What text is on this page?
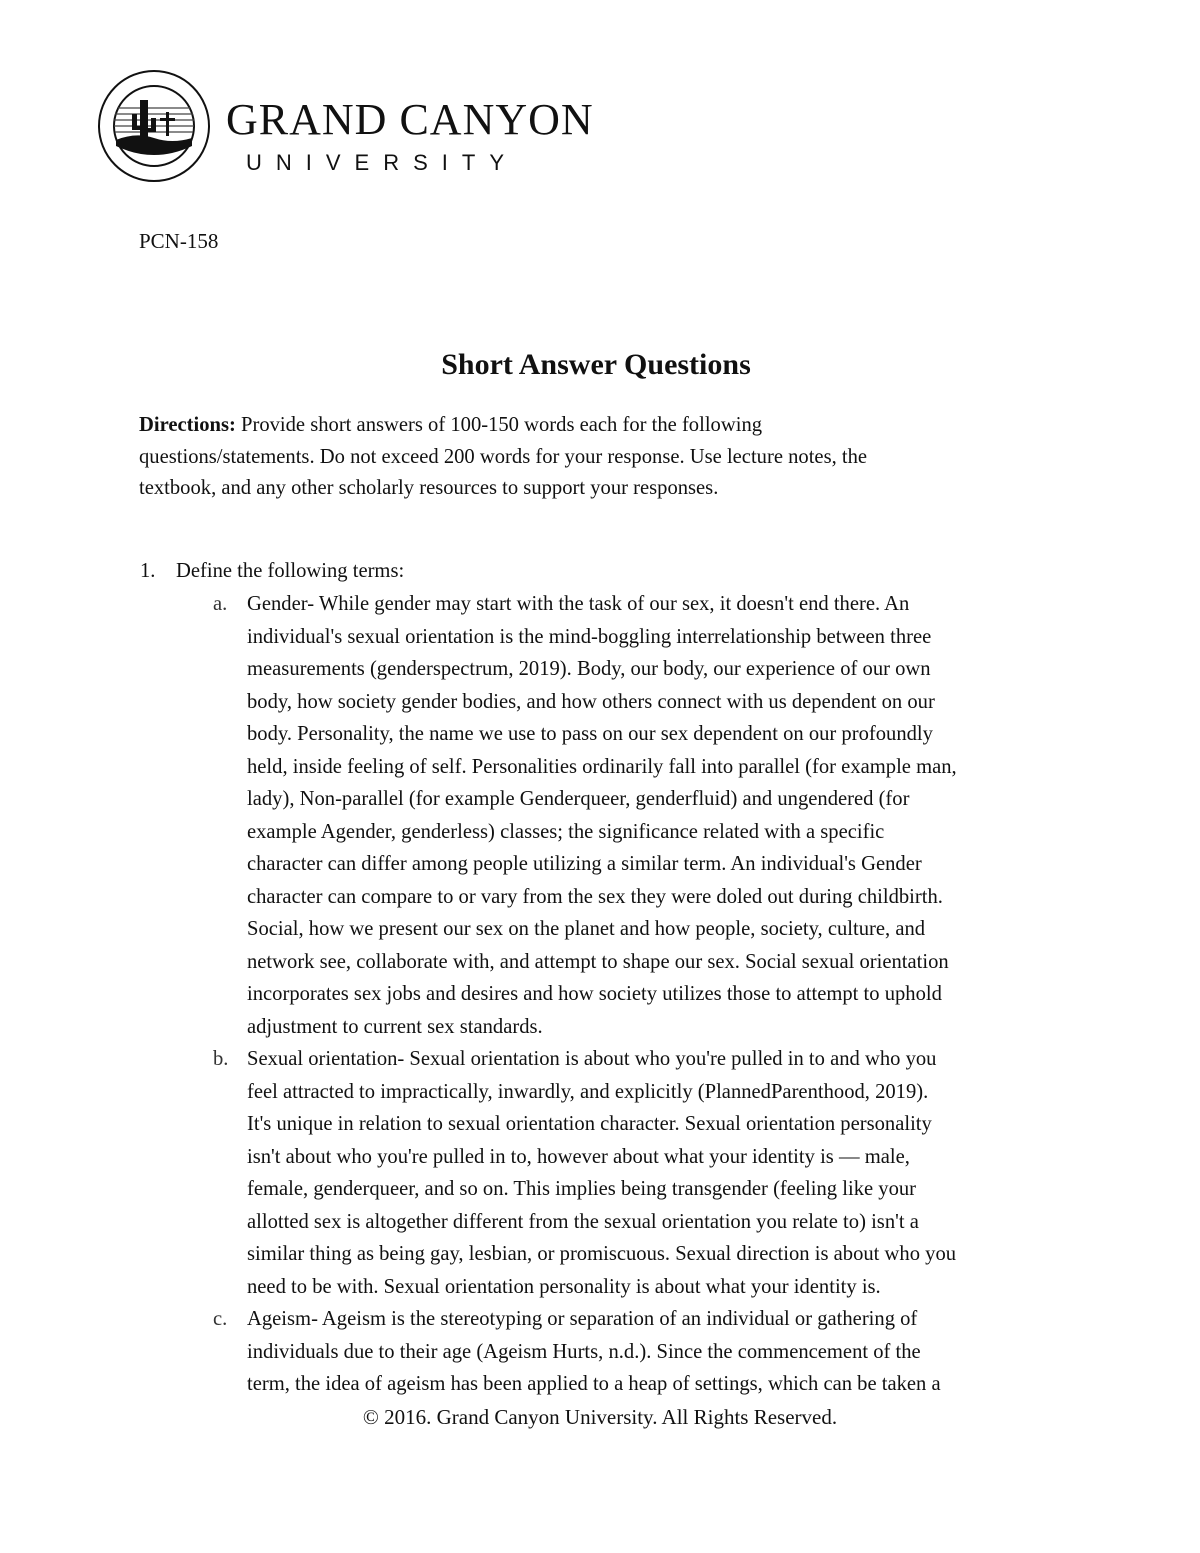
GRAND CANYON
UNIVERSITY
PCN-158
Short Answer Questions
Directions: Provide short answers of 100-150 words each for the following
questions/statements. Do not exceed 200 words for your response. Use lecture notes, the
textbook, and any other scholarly resources to support your responses.
1. Define the following terms:
a. Gender- While gender may start with the task of our sex, it doesn't end there. An
individual's sexual orientation is the mind-boggling interrelationship between three
measurements (genderspectrum, 2019). Body, our body, our experience of our own
body, how society gender bodies, and how others connect with us dependent on our
body. Personality, the name we use to pass on our sex dependent on our profoundly
held, inside feeling of self. Personalities ordinarily fall into parallel (for example man,
lady), Non-parallel (for example Genderqueer, genderfluid) and ungendered (for
example Agender, genderless) classes; the significance related with a specific
character can differ among people utilizing a similar term. An individual's Gender
character can compare to or vary from the sex they were doled out during childbirth.
Social, how we present our sex on the planet and how people, society, culture, and
network see, collaborate with, and attempt to shape our sex. Social sexual orientation
incorporates sex jobs and desires and how society utilizes those to attempt to uphold
adjustment to current sex standards.
b. Sexual orientation- Sexual orientation is about who you're pulled in to and who you
feel attracted to impractically, inwardly, and explicitly (PlannedParenthood, 2019).
It's unique in relation to sexual orientation character. Sexual orientation personality
isn't about who you're pulled in to, however about what your identity is — male,
female, genderqueer, and so on. This implies being transgender (feeling like your
allotted sex is altogether different from the sexual orientation you relate to) isn't a
similar thing as being gay, lesbian, or promiscuous. Sexual direction is about who you
need to be with. Sexual orientation personality is about what your identity is.
c. Ageism- Ageism is the stereotyping or separation of an individual or gathering of
individuals due to their age (Ageism Hurts, n.d.). Since the commencement of the
term, the idea of ageism has been applied to a heap of settings, which can be taken a
© 2016. Grand Canyon University. All Rights Reserved.
